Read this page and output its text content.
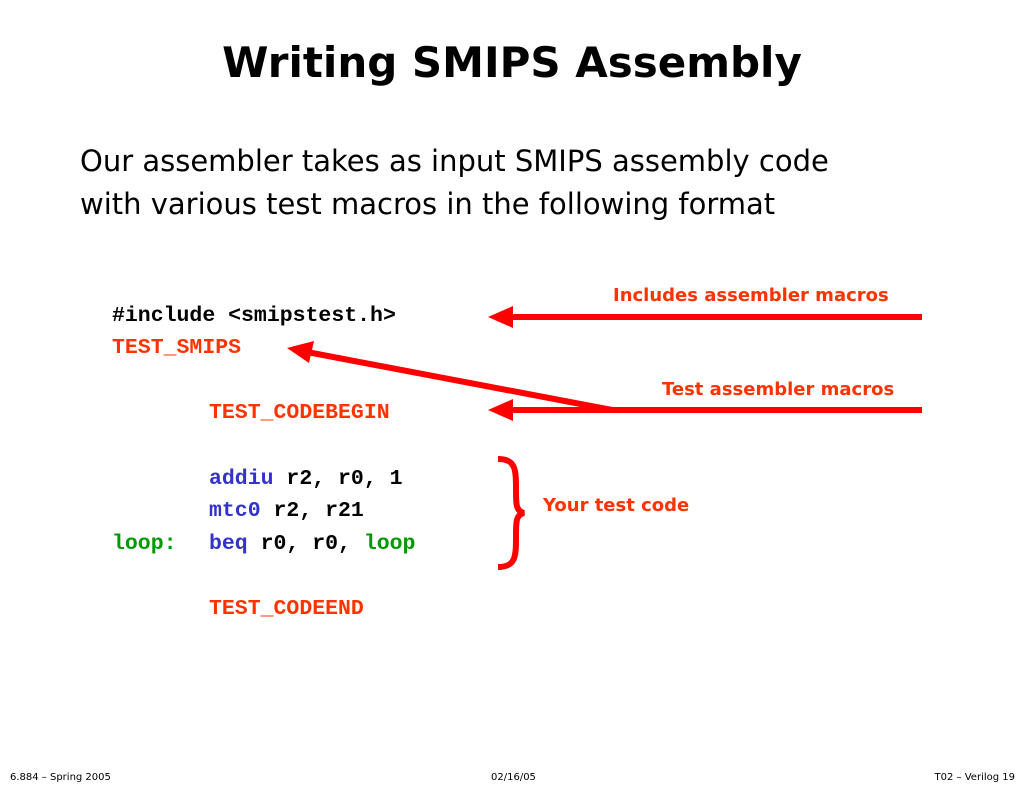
Writing SMIPS Assembly
Our assembler takes as input SMIPS assembly code
with various test macros in the following format
#include <smipstest.h>
TEST_SMIPS
TEST_CODEBEGIN
addiu r2, r0, 1
mtc0 r2, r21
loop: beq r0, r0, loop
TEST_CODEEND
Includes assembler macros
Test assembler macros
Your test code
6.884 – Spring 2005	02/16/05	T02 – Verilog 19
